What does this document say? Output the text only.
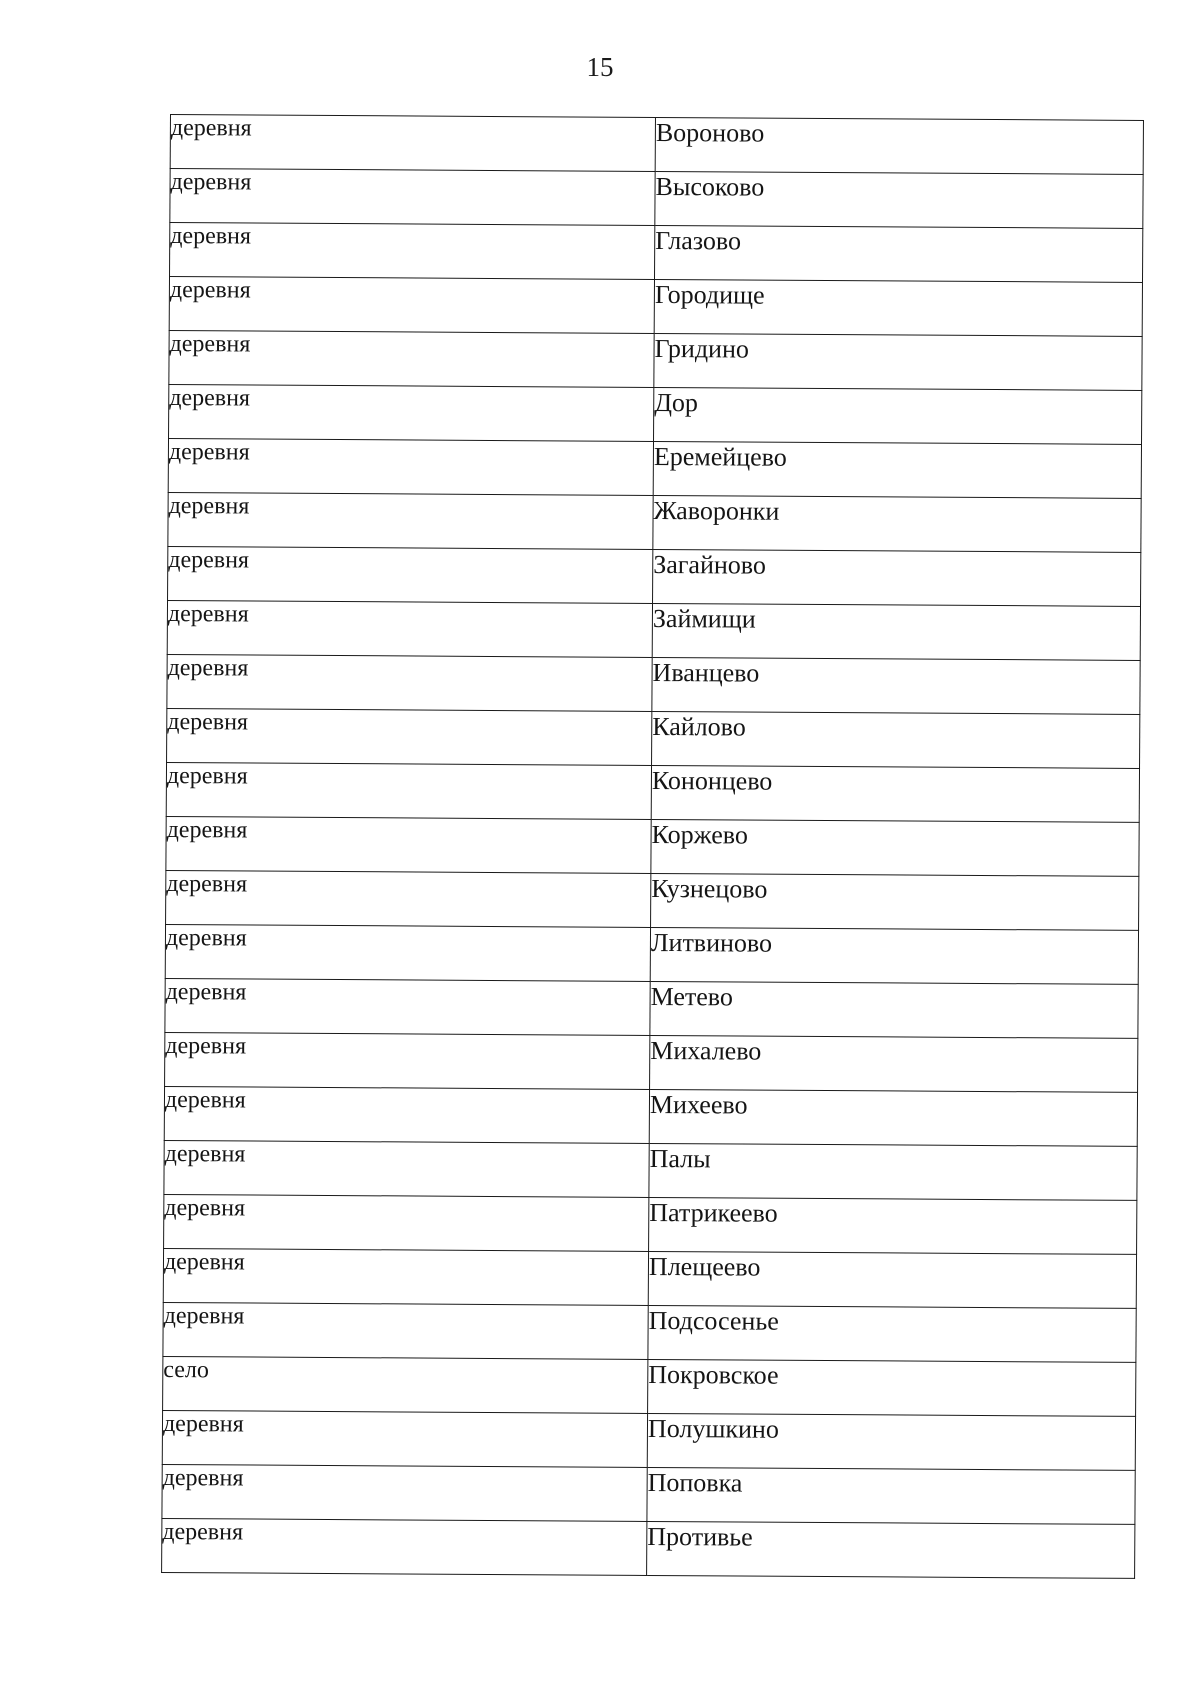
15
деревня	Вороново
деревня	Высоково
деревня	Глазово
деревня	Городище
деревня	Гридино
деревня	Дор
деревня	Еремейцево
деревня	Жаворонки
деревня	Загайново
деревня	Займищи
деревня	Иванцево
деревня	Кайлово
деревня	Кононцево
деревня	Коржево
деревня	Кузнецово
деревня	Литвиново
деревня	Метево
деревня	Михалево
деревня	Михеево
деревня	Палы
деревня	Патрикеево
деревня	Плещеево
деревня	Подсосенье
село	Покровское
деревня	Полушкино
деревня	Поповка
деревня	Противье
